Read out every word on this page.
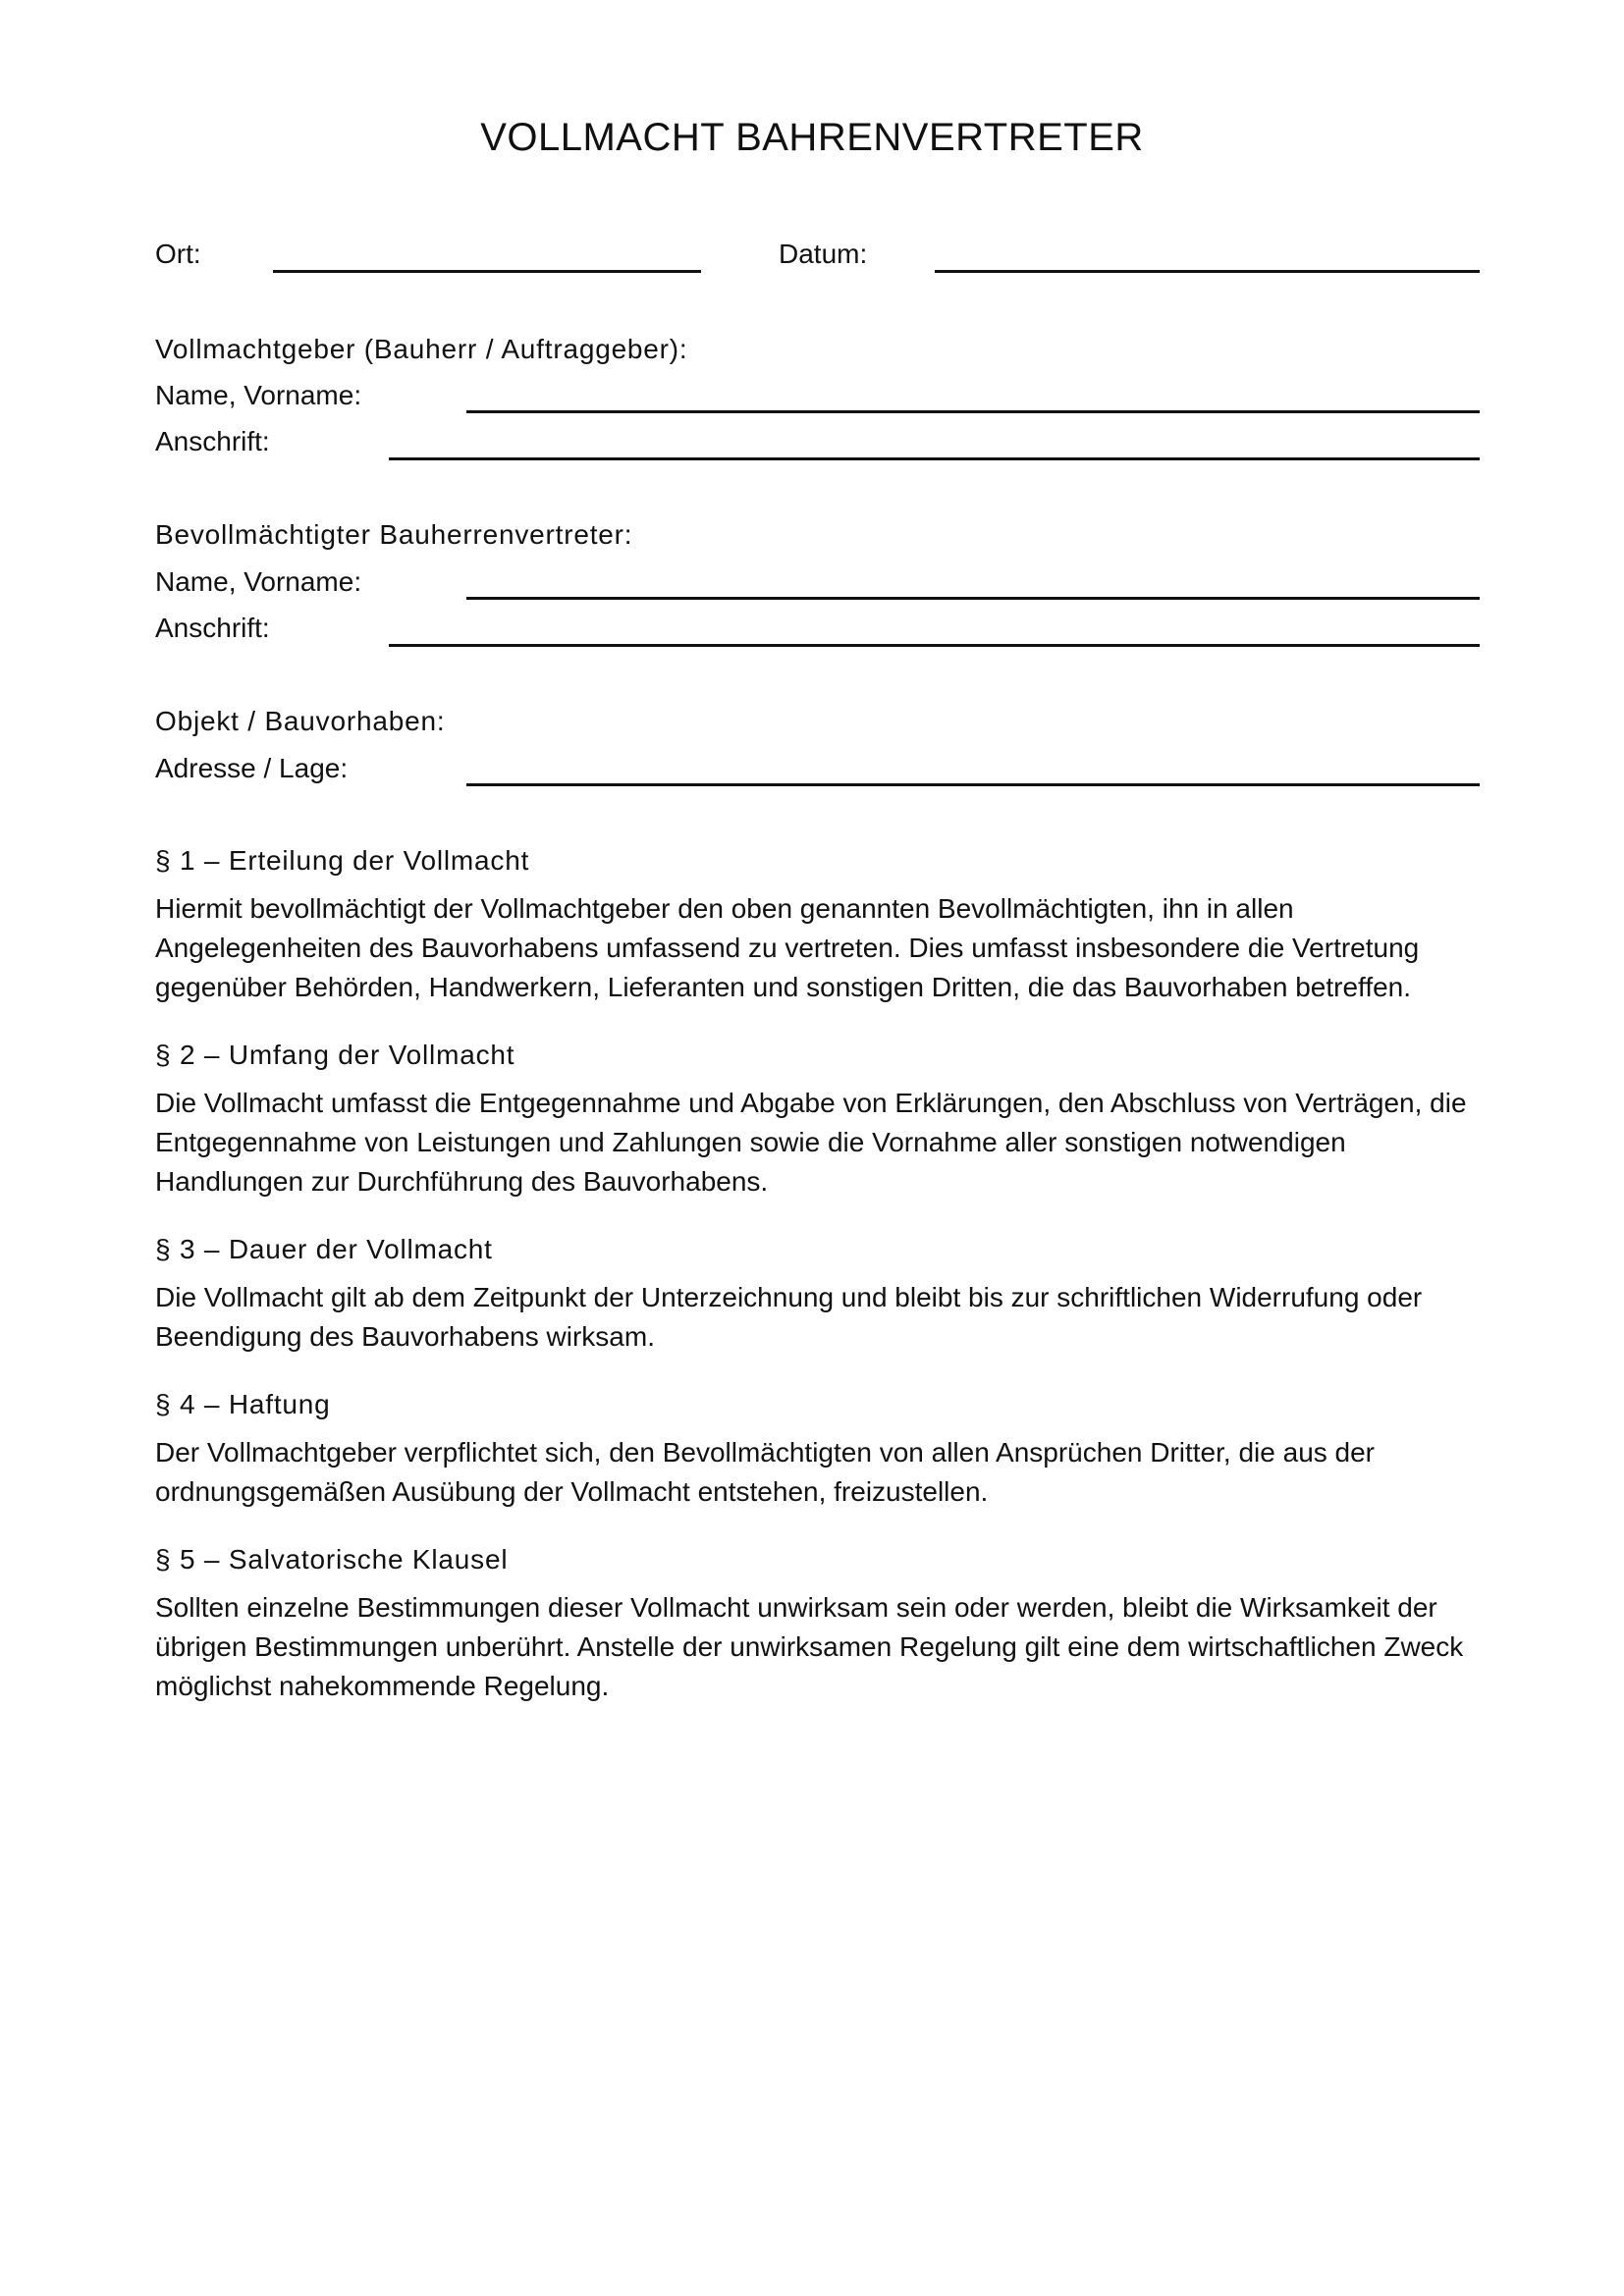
VOLLMACHT BAHRENVERTRETER
Ort:	Datum:
Vollmachtgeber (Bauherr / Auftraggeber):
Name, Vorname:
Anschrift:
Bevollmächtigter Bauherrenvertreter:
Name, Vorname:
Anschrift:
Objekt / Bauvorhaben:
Adresse / Lage:
§ 1 – Erteilung der Vollmacht
Hiermit bevollmächtigt der Vollmachtgeber den oben genannten Bevollmächtigten, ihn in allen
Angelegenheiten des Bauvorhabens umfassend zu vertreten. Dies umfasst insbesondere die Vertretung
gegenüber Behörden, Handwerkern, Lieferanten und sonstigen Dritten, die das Bauvorhaben betreffen.
§ 2 – Umfang der Vollmacht
Die Vollmacht umfasst die Entgegennahme und Abgabe von Erklärungen, den Abschluss von Verträgen, die
Entgegennahme von Leistungen und Zahlungen sowie die Vornahme aller sonstigen notwendigen
Handlungen zur Durchführung des Bauvorhabens.
§ 3 – Dauer der Vollmacht
Die Vollmacht gilt ab dem Zeitpunkt der Unterzeichnung und bleibt bis zur schriftlichen Widerrufung oder
Beendigung des Bauvorhabens wirksam.
§ 4 – Haftung
Der Vollmachtgeber verpflichtet sich, den Bevollmächtigten von allen Ansprüchen Dritter, die aus der
ordnungsgemäßen Ausübung der Vollmacht entstehen, freizustellen.
§ 5 – Salvatorische Klausel
Sollten einzelne Bestimmungen dieser Vollmacht unwirksam sein oder werden, bleibt die Wirksamkeit der
übrigen Bestimmungen unberührt. Anstelle der unwirksamen Regelung gilt eine dem wirtschaftlichen Zweck
möglichst nahekommende Regelung.
